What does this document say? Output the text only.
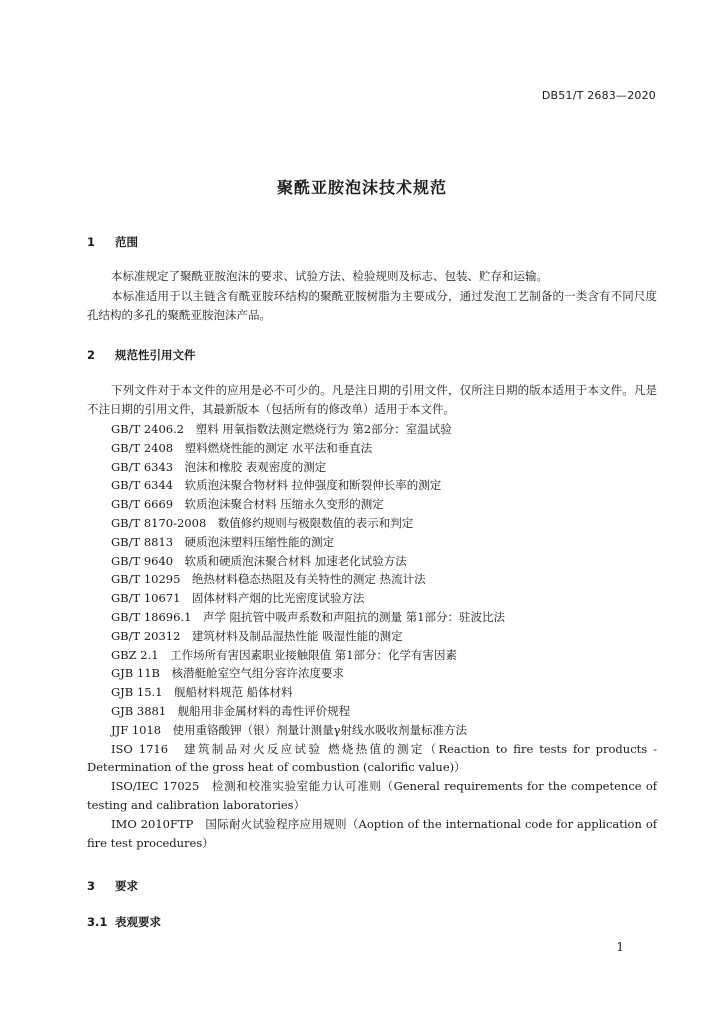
DB51/T 2683—2020
聚酰亚胺泡沫技术规范
1 范围
本标准规定了聚酰亚胺泡沫的要求、试验方法、检验规则及标志、包装、贮存和运输。
本标准适用于以主链含有酰亚胺环结构的聚酰亚胺树脂为主要成分，通过发泡工艺制备的一类含有不同尺度孔结构的多孔的聚酰亚胺泡沫产品。
2 规范性引用文件
下列文件对于本文件的应用是必不可少的。凡是注日期的引用文件，仅所注日期的版本适用于本文件。凡是不注日期的引用文件，其最新版本（包括所有的修改单）适用于本文件。
GB/T 2406.2　塑料 用氧指数法测定燃烧行为 第2部分：室温试验
GB/T 2408　塑料燃烧性能的测定 水平法和垂直法
GB/T 6343　泡沫和橡胶 表观密度的测定
GB/T 6344　软质泡沫聚合物材料 拉伸强度和断裂伸长率的测定
GB/T 6669　软质泡沫聚合材料 压缩永久变形的测定
GB/T 8170-2008　数值修约规则与极限数值的表示和判定
GB/T 8813　硬质泡沫塑料压缩性能的测定
GB/T 9640　软质和硬质泡沫聚合材料 加速老化试验方法
GB/T 10295　绝热材料稳态热阻及有关特性的测定 热流计法
GB/T 10671　固体材料产烟的比光密度试验方法
GB/T 18696.1　声学 阻抗管中吸声系数和声阻抗的测量 第1部分：驻波比法
GB/T 20312　建筑材料及制品湿热性能 吸湿性能的测定
GBZ 2.1　工作场所有害因素职业接触限值 第1部分：化学有害因素
GJB 11B　核潜艇舱室空气组分容许浓度要求
GJB 15.1　舰船材料规范 船体材料
GJB 3881　舰船用非金属材料的毒性评价规程
JJF 1018　使用重铬酸钾（银）剂量计测量γ射线水吸收剂量标准方法
ISO 1716　建筑制品对火反应试验 燃烧热值的测定（Reaction to fire tests for products - Determination of the gross heat of combustion (calorific value)）
ISO/IEC 17025　检测和校准实验室能力认可准则（General requirements for the competence of testing and calibration laboratories）
IMO 2010FTP　国际耐火试验程序应用规则（Aoption of the international code for application of fire test procedures）
3 要求
3.1 表观要求
1
